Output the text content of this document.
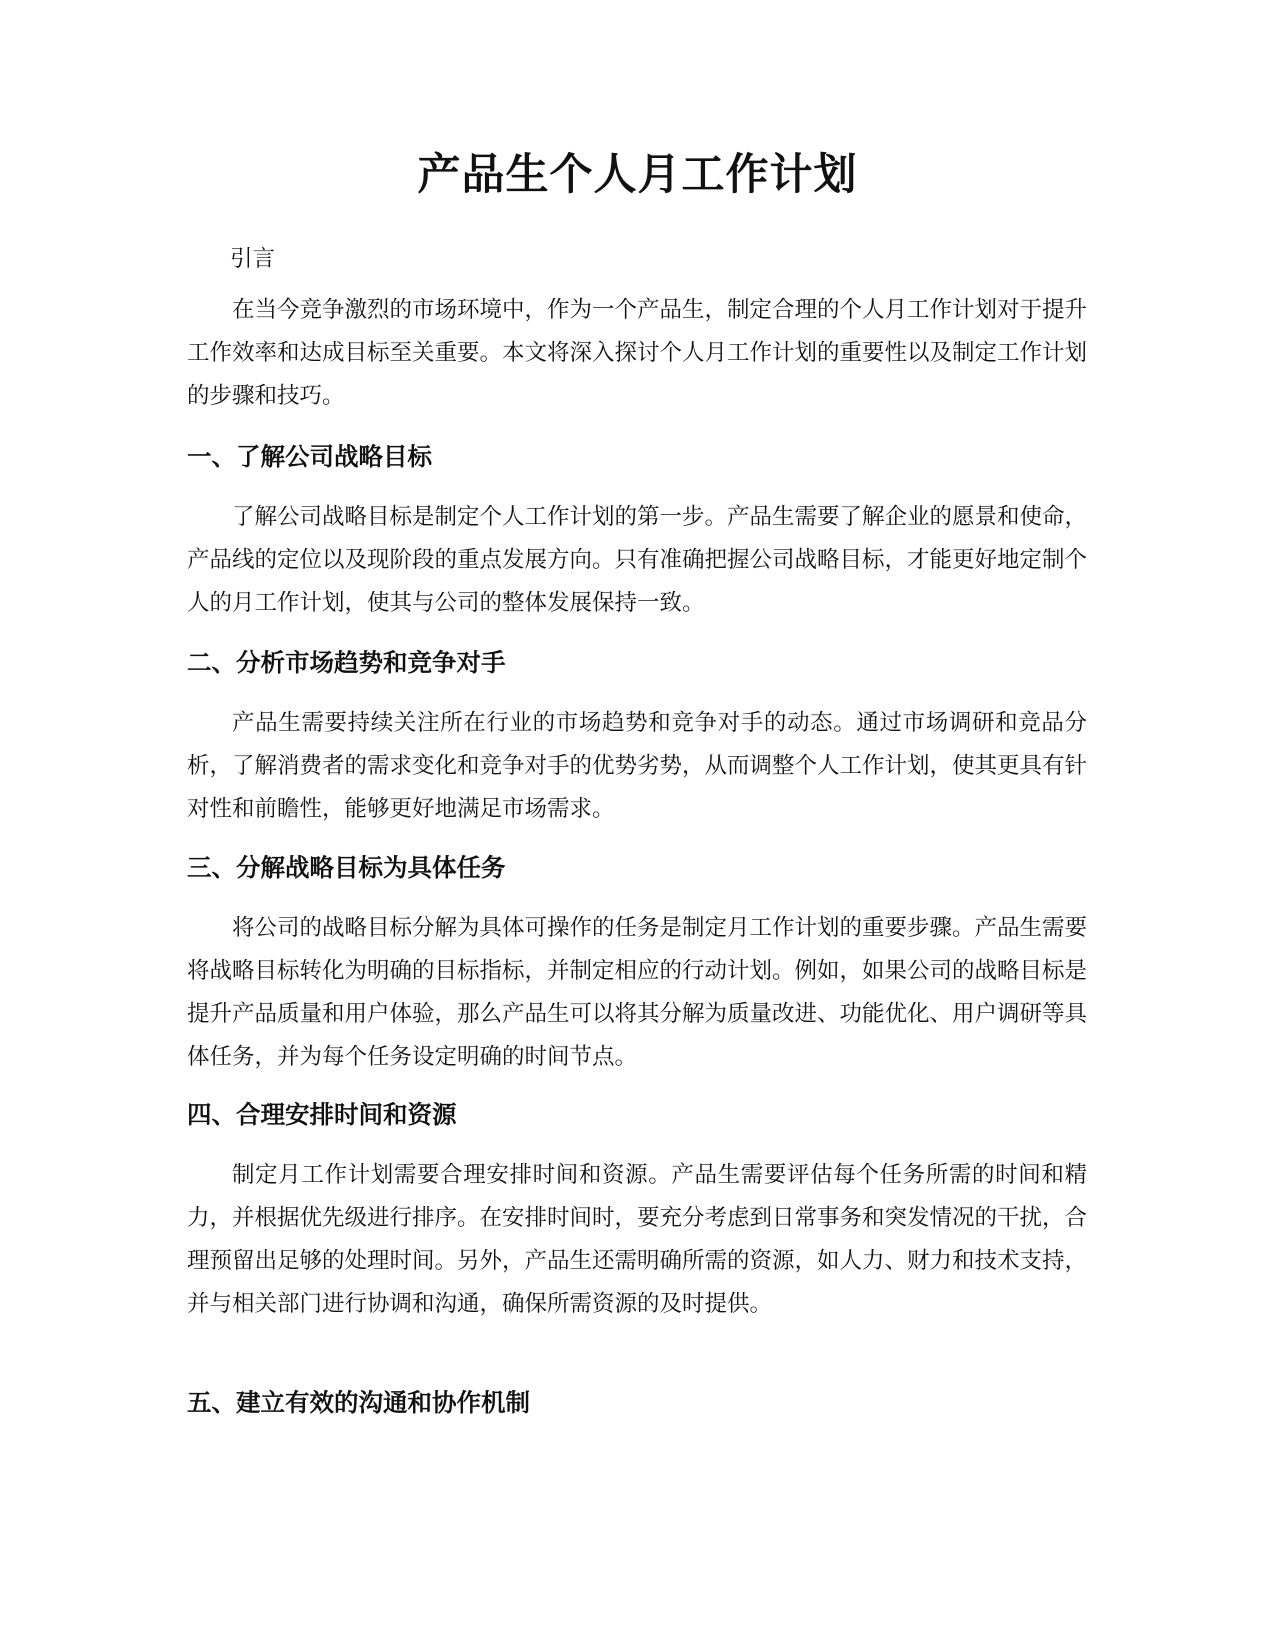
产品生个人月工作计划
引言

在当今竞争激烈的市场环境中，作为一个产品生，制定合理的个人月工作计划对于提升工作效率和达成目标至关重要。本文将深入探讨个人月工作计划的重要性以及制定工作计划的步骤和技巧。

一、了解公司战略目标

了解公司战略目标是制定个人工作计划的第一步。产品生需要了解企业的愿景和使命，产品线的定位以及现阶段的重点发展方向。只有准确把握公司战略目标，才能更好地定制个人的月工作计划，使其与公司的整体发展保持一致。

二、分析市场趋势和竞争对手

产品生需要持续关注所在行业的市场趋势和竞争对手的动态。通过市场调研和竞品分析，了解消费者的需求变化和竞争对手的优势劣势，从而调整个人工作计划，使其更具有针对性和前瞻性，能够更好地满足市场需求。

三、分解战略目标为具体任务

将公司的战略目标分解为具体可操作的任务是制定月工作计划的重要步骤。产品生需要将战略目标转化为明确的目标指标，并制定相应的行动计划。例如，如果公司的战略目标是提升产品质量和用户体验，那么产品生可以将其分解为质量改进、功能优化、用户调研等具体任务，并为每个任务设定明确的时间节点。

四、合理安排时间和资源

制定月工作计划需要合理安排时间和资源。产品生需要评估每个任务所需的时间和精力，并根据优先级进行排序。在安排时间时，要充分考虑到日常事务和突发情况的干扰，合理预留出足够的处理时间。另外，产品生还需明确所需的资源，如人力、财力和技术支持，并与相关部门进行协调和沟通，确保所需资源的及时提供。

五、建立有效的沟通和协作机制
